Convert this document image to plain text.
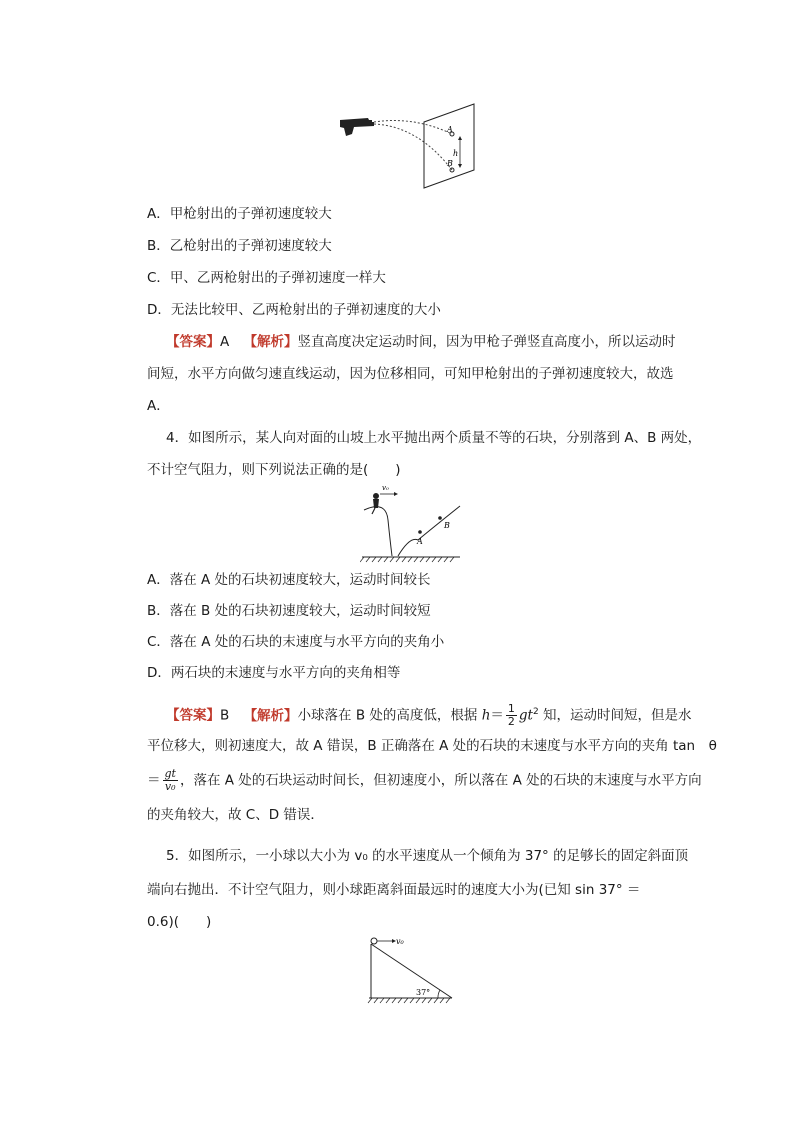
A
B
h
A．甲枪射出的子弹初速度较大
B．乙枪射出的子弹初速度较大
C．甲、乙两枪射出的子弹初速度一样大
D．无法比较甲、乙两枪射出的子弹初速度的大小
【答案】A 【解析】竖直高度决定运动时间，因为甲枪子弹竖直高度小，所以运动时
间短，水平方向做匀速直线运动，因为位移相同，可知甲枪射出的子弹初速度较大，故选
A．
4．如图所示，某人向对面的山坡上水平抛出两个质量不等的石块，分别落到 A、B 两处，
不计空气阻力，则下列说法正确的是(　　)
v₀
A
B
A．落在 A 处的石块初速度较大，运动时间较长
B．落在 B 处的石块初速度较大，运动时间较短
C．落在 A 处的石块的末速度与水平方向的夹角小
D．两石块的末速度与水平方向的夹角相等
【答案】B 【解析】小球落在 B 处的高度低，根据 $h= \frac{1}{2} gt^2$ 知，运动时间短，但是水
平位移大，则初速度大，故 A 错误，B 正确落在 A 处的石块的末速度与水平方向的夹角 tan　θ
＝ $\frac{gt}{\text{v₀}}$ ，落在 A 处的石块运动时间长，但初速度小，所以落在 A 处的石块的末速度与水平方向
的夹角较大，故 C、D 错误．
5．如图所示，一小球以大小为 v₀ 的水平速度从一个倾角为 37° 的足够长的固定斜面顶
端向右抛出．不计空气阻力，则小球距离斜面最远时的速度大小为(已知 sin 37° ＝
0.6)(　　)
v₀
37°
